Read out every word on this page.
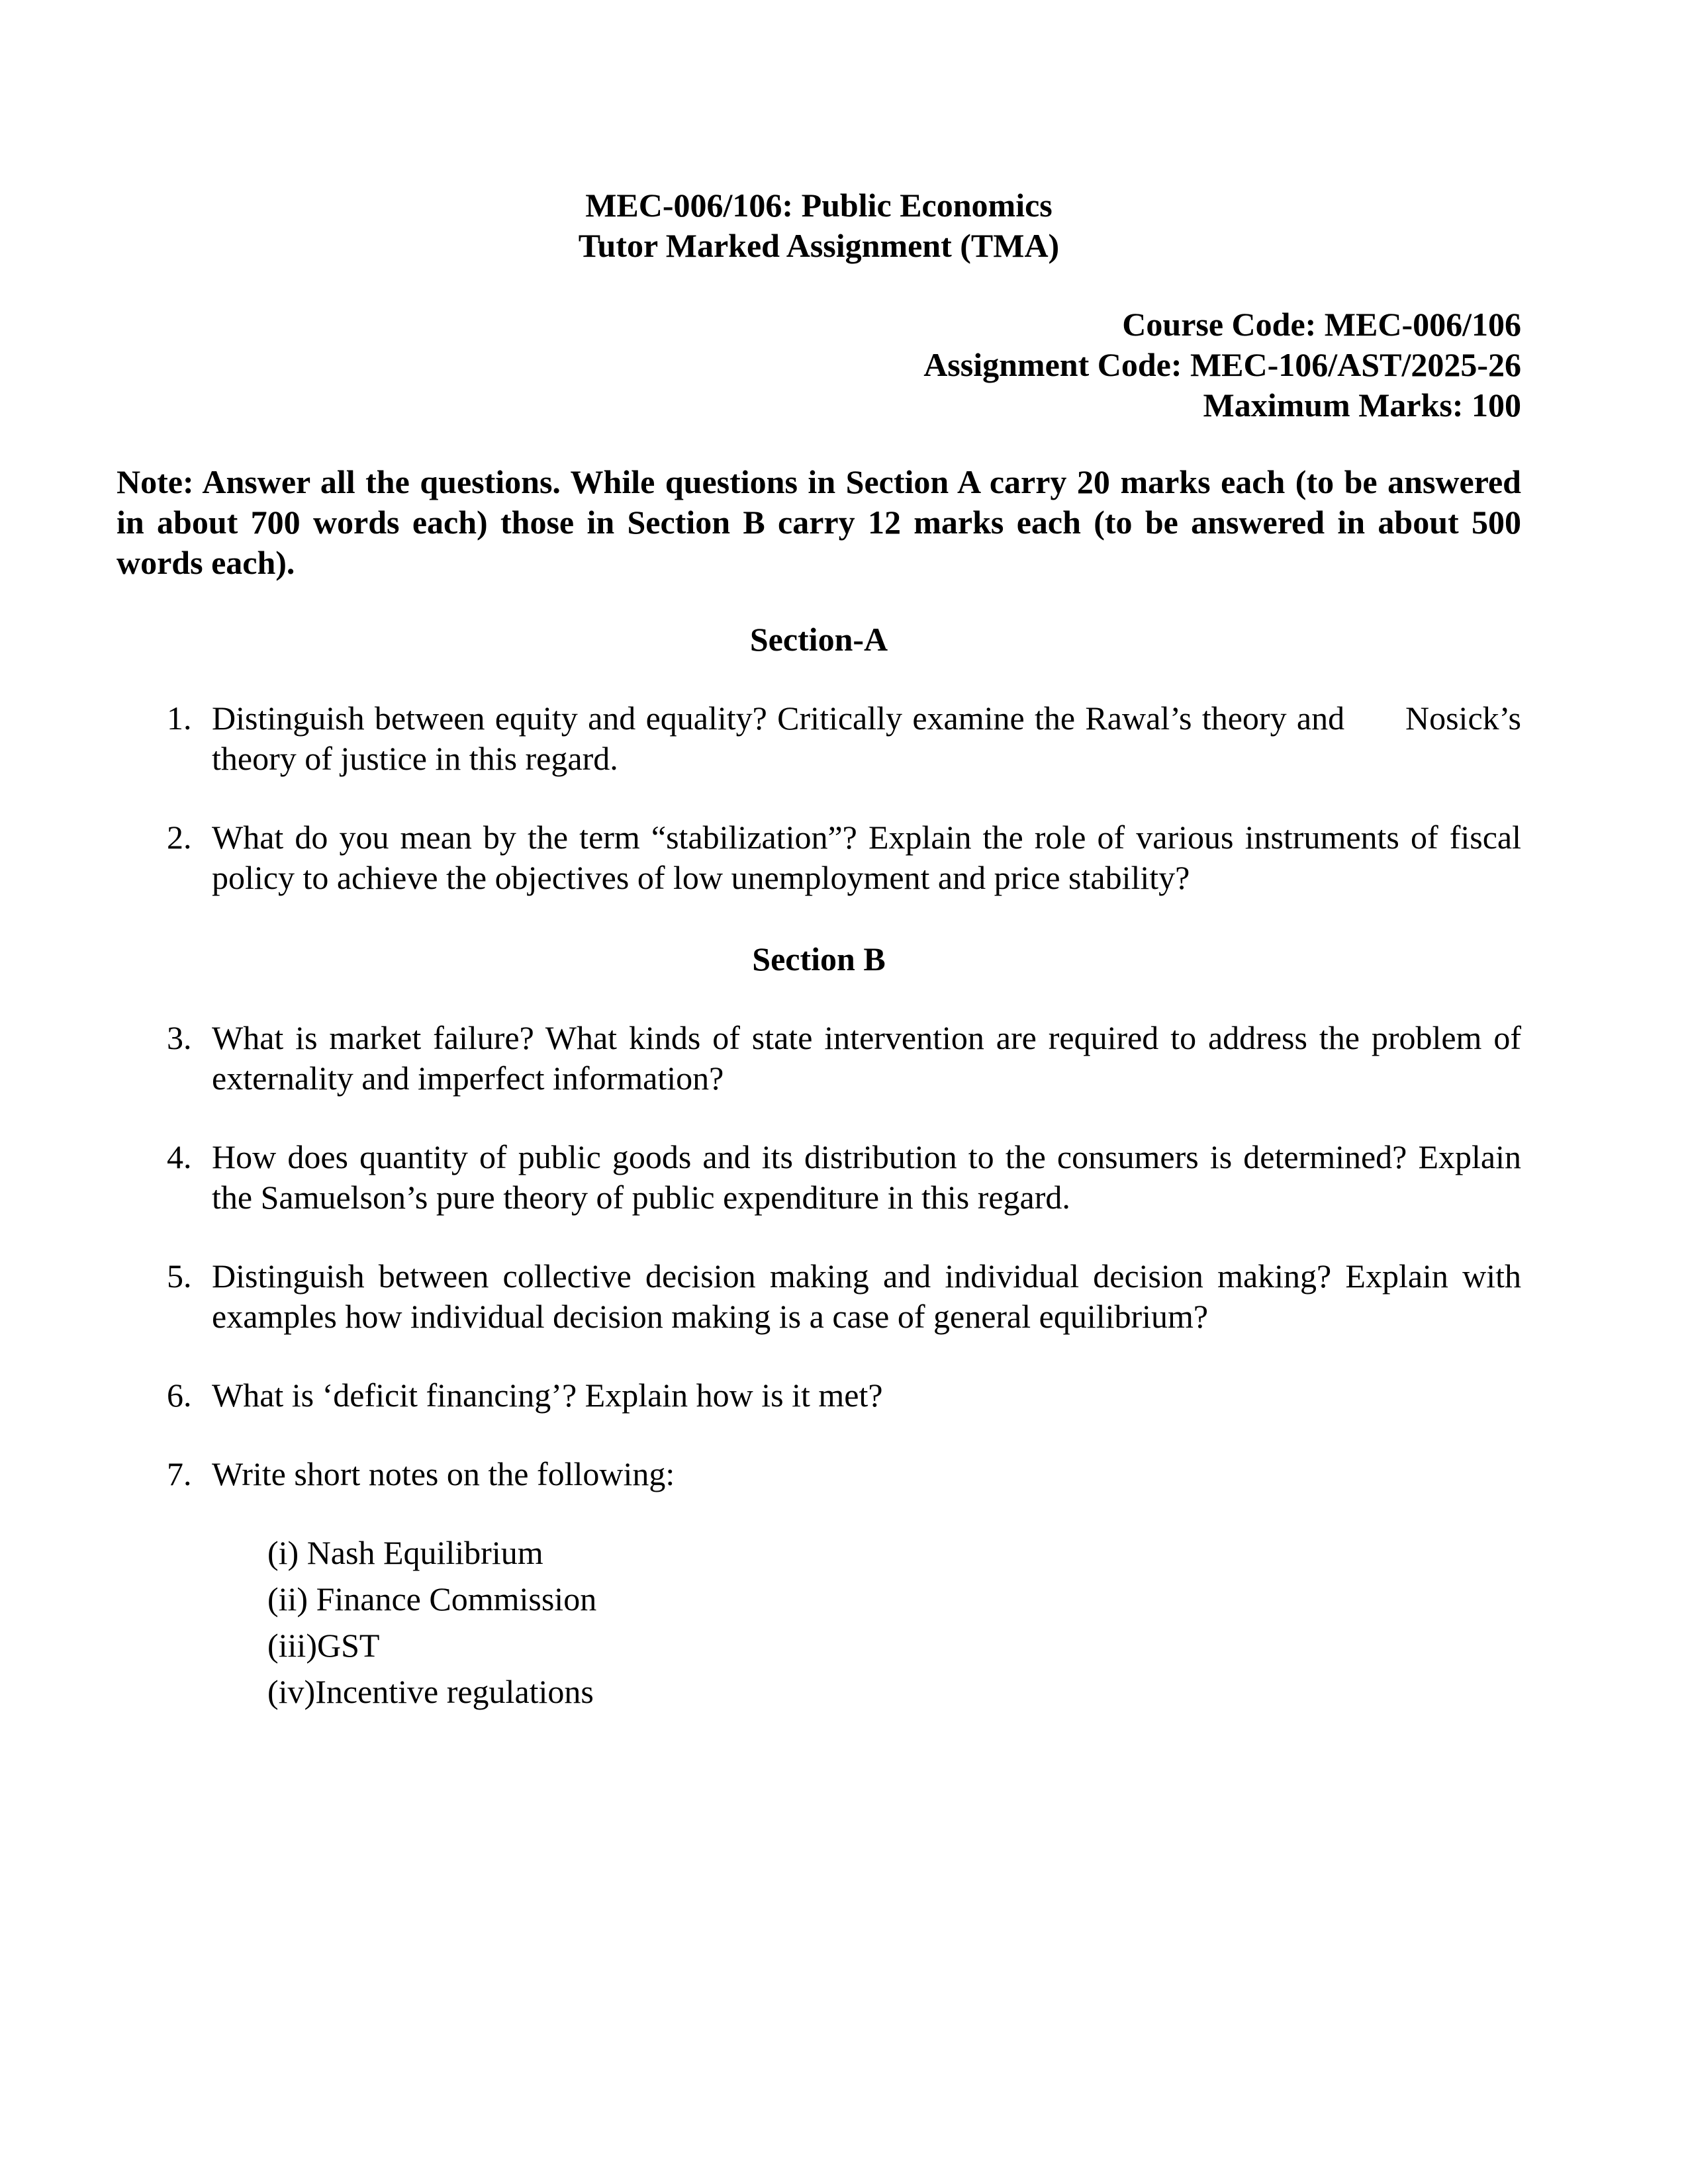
MEC-006/106: Public Economics
Tutor Marked Assignment (TMA)
Course Code: MEC-006/106
Assignment Code: MEC-106/AST/2025-26
Maximum Marks: 100

Note: Answer all the questions. While questions in Section A carry 20 marks each (to be answered in about 700 words each) those in Section B carry 12 marks each (to be answered in about 500 words each).

Section-A
1. Distinguish between equity and equality? Critically examine the Rawal’s theory and      Nosick’s theory of justice in this regard.
2. What do you mean by the term “stabilization”? Explain the role of various instruments of fiscal policy to achieve the objectives of low unemployment and price stability?
Section B
3. What is market failure? What kinds of state intervention are required to address the problem of externality and imperfect information?
4. How does quantity of public goods and its distribution to the consumers is determined? Explain the Samuelson’s pure theory of public expenditure in this regard.
5. Distinguish between collective decision making and individual decision making? Explain with examples how individual decision making is a case of general equilibrium?
6. What is ‘deficit financing’? Explain how is it met?
7. Write short notes on the following:
(i) Nash Equilibrium
(ii) Finance Commission
(iii)GST
(iv)Incentive regulations
